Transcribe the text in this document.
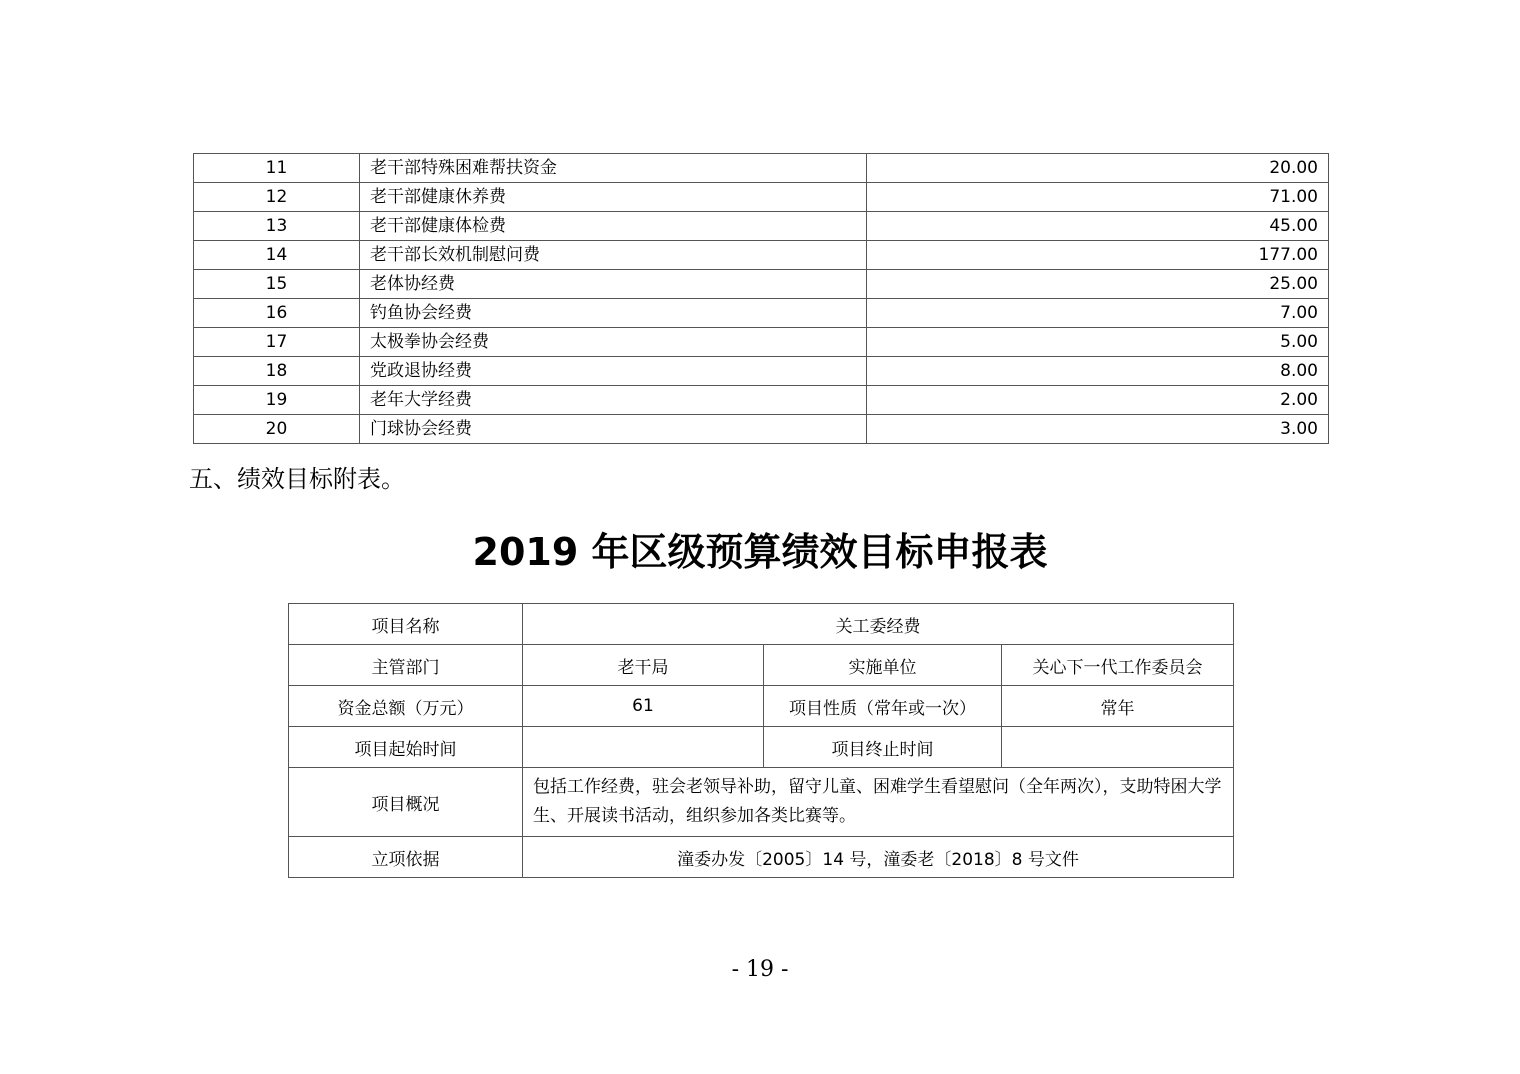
11	老干部特殊困难帮扶资金	20.00
12	老干部健康休养费	71.00
13	老干部健康体检费	45.00
14	老干部长效机制慰问费	177.00
15	老体协经费	25.00
16	钓鱼协会经费	7.00
17	太极拳协会经费	5.00
18	党政退协经费	8.00
19	老年大学经费	2.00
20	门球协会经费	3.00
五、绩效目标附表。
2019 年区级预算绩效目标申报表
项目名称	关工委经费		
主管部门	老干局	实施单位	关心下一代工作委员会
资金总额（万元）	61	项目性质（常年或一次）	常年
项目起始时间		项目终止时间	
项目概况	包括工作经费，驻会老领导补助，留守儿童、困难学生看望慰问（全年两次），支助特困大学生、开展读书活动，组织参加各类比赛等。		
立项依据	潼委办发〔2005〕14 号，潼委老〔2018〕8 号文件		
- 19 -
